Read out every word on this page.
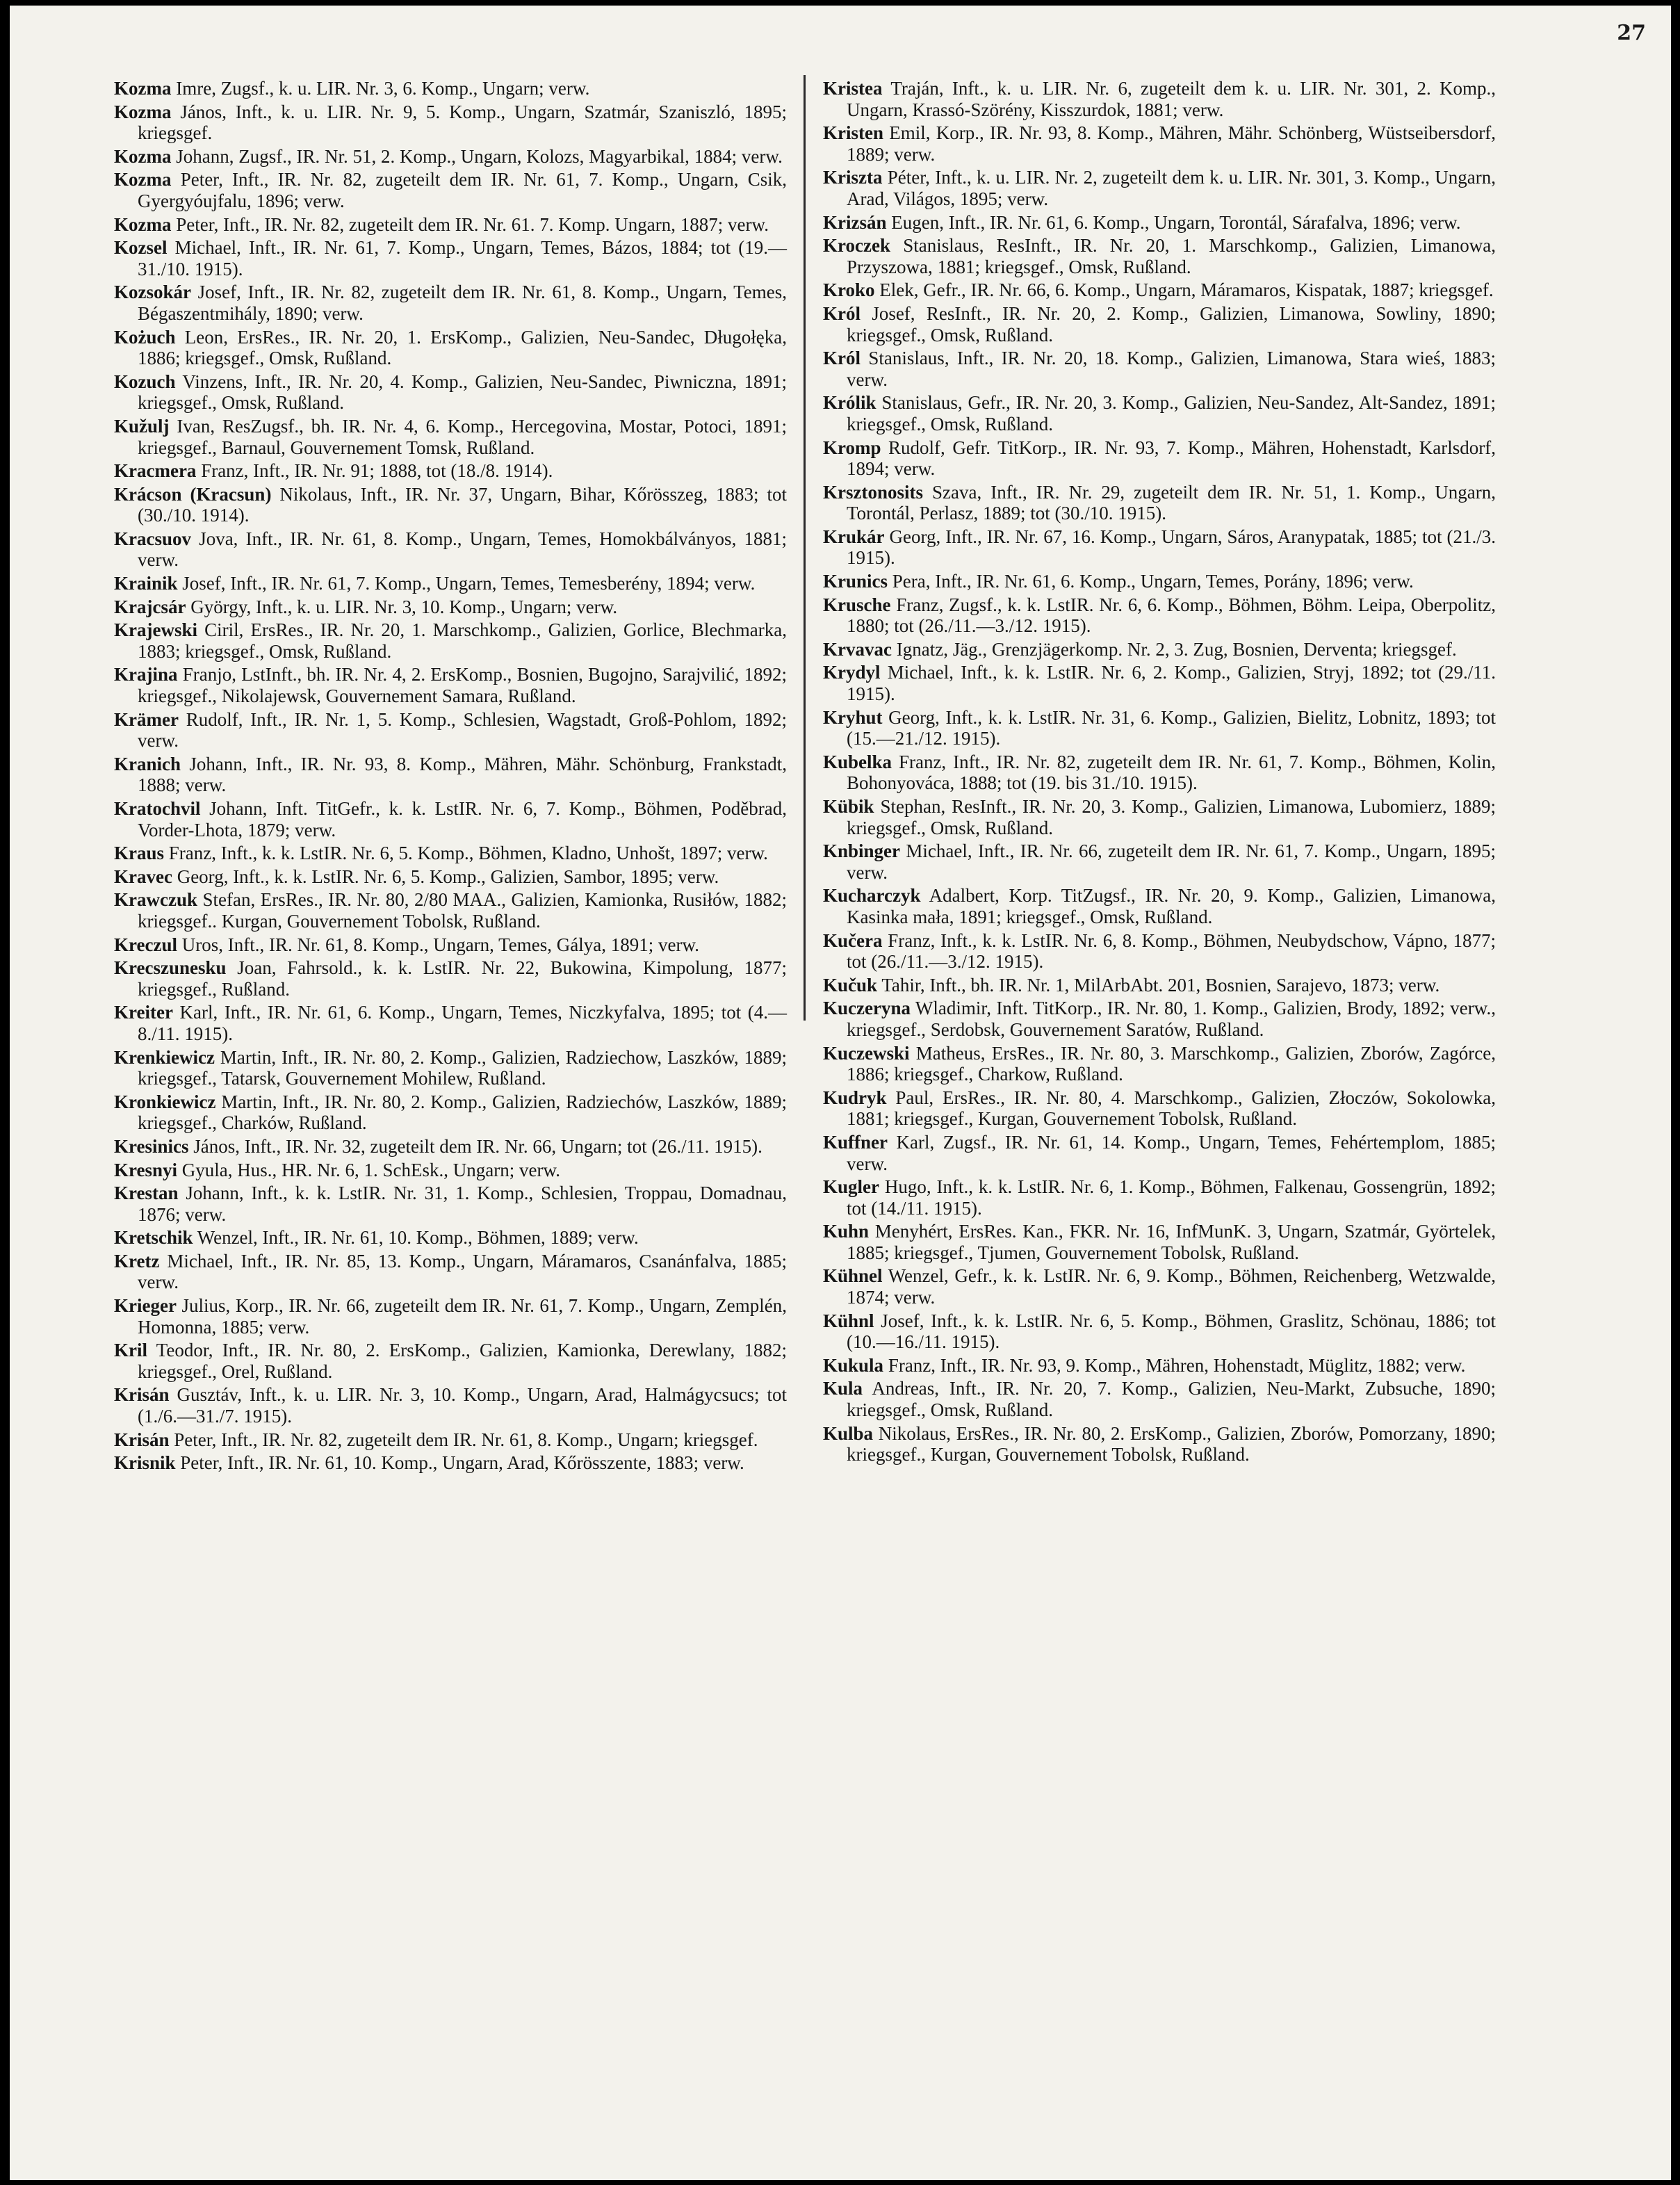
27

Kozma Imre, Zugsf., k. u. LIR. Nr. 3, 6. Komp., Ungarn; verw.

Kozma János, Inft., k. u. LIR. Nr. 9, 5. Komp., Ungarn, Szatmár, Szaniszló, 1895; kriegsgef.

Kozma Johann, Zugsf., IR. Nr. 51, 2. Komp., Ungarn, Kolozs, Magyarbikal, 1884; verw.

Kozma Peter, Inft., IR. Nr. 82, zugeteilt dem IR. Nr. 61, 7. Komp., Ungarn, Csik, Gyergyóujfalu, 1896; verw.

Kozma Peter, Inft., IR. Nr. 82, zugeteilt dem IR. Nr. 61. 7. Komp. Ungarn, 1887; verw.

Kozsel Michael, Inft., IR. Nr. 61, 7. Komp., Ungarn, Temes, Bázos, 1884; tot (19.—31./10. 1915).

Kozsokár Josef, Inft., IR. Nr. 82, zugeteilt dem IR. Nr. 61, 8. Komp., Ungarn, Temes, Bégaszentmihály, 1890; verw.

Kożuch Leon, ErsRes., IR. Nr. 20, 1. ErsKomp., Galizien, Neu-Sandec, Długołęka, 1886; kriegsgef., Omsk, Rußland.

Kozuch Vinzens, Inft., IR. Nr. 20, 4. Komp., Galizien, Neu-Sandec, Piwniczna, 1891; kriegsgef., Omsk, Rußland.

Kužulj Ivan, ResZugsf., bh. IR. Nr. 4, 6. Komp., Hercegovina, Mostar, Potoci, 1891; kriegsgef., Barnaul, Gouvernement Tomsk, Rußland.

Kracmera Franz, Inft., IR. Nr. 91; 1888, tot (18./8. 1914).

Krácson (Kracsun) Nikolaus, Inft., IR. Nr. 37, Ungarn, Bihar, Kőrösszeg, 1883; tot (30./10. 1914).

Kracsuov Jova, Inft., IR. Nr. 61, 8. Komp., Ungarn, Temes, Homokbálványos, 1881; verw.

Krainik Josef, Inft., IR. Nr. 61, 7. Komp., Ungarn, Temes, Temesberény, 1894; verw.

Krajcsár György, Inft., k. u. LIR. Nr. 3, 10. Komp., Ungarn; verw.

Krajewski Ciril, ErsRes., IR. Nr. 20, 1. Marschkomp., Galizien, Gorlice, Blechmarka, 1883; kriegsgef., Omsk, Rußland.

Krajina Franjo, LstInft., bh. IR. Nr. 4, 2. ErsKomp., Bosnien, Bugojno, Sarajvilić, 1892; kriegsgef., Nikolajewsk, Gouvernement Samara, Rußland.

Krämer Rudolf, Inft., IR. Nr. 1, 5. Komp., Schlesien, Wagstadt, Groß-Pohlom, 1892; verw.

Kranich Johann, Inft., IR. Nr. 93, 8. Komp., Mähren, Mähr. Schönburg, Frankstadt, 1888; verw.

Kratochvil Johann, Inft. TitGefr., k. k. LstIR. Nr. 6, 7. Komp., Böhmen, Poděbrad, Vorder-Lhota, 1879; verw.

Kraus Franz, Inft., k. k. LstIR. Nr. 6, 5. Komp., Böhmen, Kladno, Unhošt, 1897; verw.

Kravec Georg, Inft., k. k. LstIR. Nr. 6, 5. Komp., Galizien, Sambor, 1895; verw.

Krawczuk Stefan, ErsRes., IR. Nr. 80, 2/80 MAA., Galizien, Kamionka, Rusiłów, 1882; kriegsgef.. Kurgan, Gouvernement Tobolsk, Rußland.

Kreczul Uros, Inft., IR. Nr. 61, 8. Komp., Ungarn, Temes, Gálya, 1891; verw.

Krecszunesku Joan, Fahrsold., k. k. LstIR. Nr. 22, Bukowina, Kimpolung, 1877; kriegsgef., Rußland.

Kreiter Karl, Inft., IR. Nr. 61, 6. Komp., Ungarn, Temes, Niczkyfalva, 1895; tot (4.—8./11. 1915).

Krenkiewicz Martin, Inft., IR. Nr. 80, 2. Komp., Galizien, Radziechow, Laszków, 1889; kriegsgef., Tatarsk, Gouvernement Mohilew, Rußland.

Kronkiewicz Martin, Inft., IR. Nr. 80, 2. Komp., Galizien, Radziechów, Laszków, 1889; kriegsgef., Charków, Rußland.

Kresinics János, Inft., IR. Nr. 32, zugeteilt dem IR. Nr. 66, Ungarn; tot (26./11. 1915).

Kresnyi Gyula, Hus., HR. Nr. 6, 1. SchEsk., Ungarn; verw.

Krestan Johann, Inft., k. k. LstIR. Nr. 31, 1. Komp., Schlesien, Troppau, Domadnau, 1876; verw.

Kretschik Wenzel, Inft., IR. Nr. 61, 10. Komp., Böhmen, 1889; verw.

Kretz Michael, Inft., IR. Nr. 85, 13. Komp., Ungarn, Máramaros, Csanánfalva, 1885; verw.

Krieger Julius, Korp., IR. Nr. 66, zugeteilt dem IR. Nr. 61, 7. Komp., Ungarn, Zemplén, Homonna, 1885; verw.

Kril Teodor, Inft., IR. Nr. 80, 2. ErsKomp., Galizien, Kamionka, Derewlany, 1882; kriegsgef., Orel, Rußland.

Krisán Gusztáv, Inft., k. u. LIR. Nr. 3, 10. Komp., Ungarn, Arad, Halmágycsucs; tot (1./6.—31./7. 1915).

Krisán Peter, Inft., IR. Nr. 82, zugeteilt dem IR. Nr. 61, 8. Komp., Ungarn; kriegsgef.

Krisnik Peter, Inft., IR. Nr. 61, 10. Komp., Ungarn, Arad, Kőrösszente, 1883; verw.

Kristea Traján, Inft., k. u. LIR. Nr. 6, zugeteilt dem k. u. LIR. Nr. 301, 2. Komp., Ungarn, Krassó-Szörény, Kisszurdok, 1881; verw.

Kristen Emil, Korp., IR. Nr. 93, 8. Komp., Mähren, Mähr. Schönberg, Wüstseibersdorf, 1889; verw.

Kriszta Péter, Inft., k. u. LIR. Nr. 2, zugeteilt dem k. u. LIR. Nr. 301, 3. Komp., Ungarn, Arad, Világos, 1895; verw.

Krizsán Eugen, Inft., IR. Nr. 61, 6. Komp., Ungarn, Torontál, Sárafalva, 1896; verw.

Kroczek Stanislaus, ResInft., IR. Nr. 20, 1. Marschkomp., Galizien, Limanowa, Przyszowa, 1881; kriegsgef., Omsk, Rußland.

Kroko Elek, Gefr., IR. Nr. 66, 6. Komp., Ungarn, Máramaros, Kispatak, 1887; kriegsgef.

Król Josef, ResInft., IR. Nr. 20, 2. Komp., Galizien, Limanowa, Sowliny, 1890; kriegsgef., Omsk, Rußland.

Król Stanislaus, Inft., IR. Nr. 20, 18. Komp., Galizien, Limanowa, Stara wieś, 1883; verw.

Królik Stanislaus, Gefr., IR. Nr. 20, 3. Komp., Galizien, Neu-Sandez, Alt-Sandez, 1891; kriegsgef., Omsk, Rußland.

Kromp Rudolf, Gefr. TitKorp., IR. Nr. 93, 7. Komp., Mähren, Hohenstadt, Karlsdorf, 1894; verw.

Krsztonosits Szava, Inft., IR. Nr. 29, zugeteilt dem IR. Nr. 51, 1. Komp., Ungarn, Torontál, Perlasz, 1889; tot (30./10. 1915).

Krukár Georg, Inft., IR. Nr. 67, 16. Komp., Ungarn, Sáros, Aranypatak, 1885; tot (21./3. 1915).

Krunics Pera, Inft., IR. Nr. 61, 6. Komp., Ungarn, Temes, Porány, 1896; verw.

Krusche Franz, Zugsf., k. k. LstIR. Nr. 6, 6. Komp., Böhmen, Böhm. Leipa, Oberpolitz, 1880; tot (26./11.—3./12. 1915).

Krvavac Ignatz, Jäg., Grenzjägerkomp. Nr. 2, 3. Zug, Bosnien, Derventa; kriegsgef.

Krydyl Michael, Inft., k. k. LstIR. Nr. 6, 2. Komp., Galizien, Stryj, 1892; tot (29./11. 1915).

Kryhut Georg, Inft., k. k. LstIR. Nr. 31, 6. Komp., Galizien, Bielitz, Lobnitz, 1893; tot (15.—21./12. 1915).

Kubelka Franz, Inft., IR. Nr. 82, zugeteilt dem IR. Nr. 61, 7. Komp., Böhmen, Kolin, Bohonyováca, 1888; tot (19. bis 31./10. 1915).

Kübik Stephan, ResInft., IR. Nr. 20, 3. Komp., Galizien, Limanowa, Lubomierz, 1889; kriegsgef., Omsk, Rußland.

Knbinger Michael, Inft., IR. Nr. 66, zugeteilt dem IR. Nr. 61, 7. Komp., Ungarn, 1895; verw.

Kucharczyk Adalbert, Korp. TitZugsf., IR. Nr. 20, 9. Komp., Galizien, Limanowa, Kasinka mała, 1891; kriegsgef., Omsk, Rußland.

Kučera Franz, Inft., k. k. LstIR. Nr. 6, 8. Komp., Böhmen, Neubydschow, Vápno, 1877; tot (26./11.—3./12. 1915).

Kučuk Tahir, Inft., bh. IR. Nr. 1, MilArbAbt. 201, Bosnien, Sarajevo, 1873; verw.

Kuczeryna Wladimir, Inft. TitKorp., IR. Nr. 80, 1. Komp., Galizien, Brody, 1892; verw., kriegsgef., Serdobsk, Gouvernement Saratów, Rußland.

Kuczewski Matheus, ErsRes., IR. Nr. 80, 3. Marschkomp., Galizien, Zborów, Zagórce, 1886; kriegsgef., Charkow, Rußland.

Kudryk Paul, ErsRes., IR. Nr. 80, 4. Marschkomp., Galizien, Złoczów, Sokolowka, 1881; kriegsgef., Kurgan, Gouvernement Tobolsk, Rußland.

Kuffner Karl, Zugsf., IR. Nr. 61, 14. Komp., Ungarn, Temes, Fehértemplom, 1885; verw.

Kugler Hugo, Inft., k. k. LstIR. Nr. 6, 1. Komp., Böhmen, Falkenau, Gossengrün, 1892; tot (14./11. 1915).

Kuhn Menyhért, ErsRes. Kan., FKR. Nr. 16, InfMunK. 3, Ungarn, Szatmár, Györtelek, 1885; kriegsgef., Tjumen, Gouvernement Tobolsk, Rußland.

Kühnel Wenzel, Gefr., k. k. LstIR. Nr. 6, 9. Komp., Böhmen, Reichenberg, Wetzwalde, 1874; verw.

Kühnl Josef, Inft., k. k. LstIR. Nr. 6, 5. Komp., Böhmen, Graslitz, Schönau, 1886; tot (10.—16./11. 1915).

Kukula Franz, Inft., IR. Nr. 93, 9. Komp., Mähren, Hohenstadt, Müglitz, 1882; verw.

Kula Andreas, Inft., IR. Nr. 20, 7. Komp., Galizien, Neu-Markt, Zubsuche, 1890; kriegsgef., Omsk, Rußland.

Kulba Nikolaus, ErsRes., IR. Nr. 80, 2. ErsKomp., Galizien, Zborów, Pomorzany, 1890; kriegsgef., Kurgan, Gouvernement Tobolsk, Rußland.
